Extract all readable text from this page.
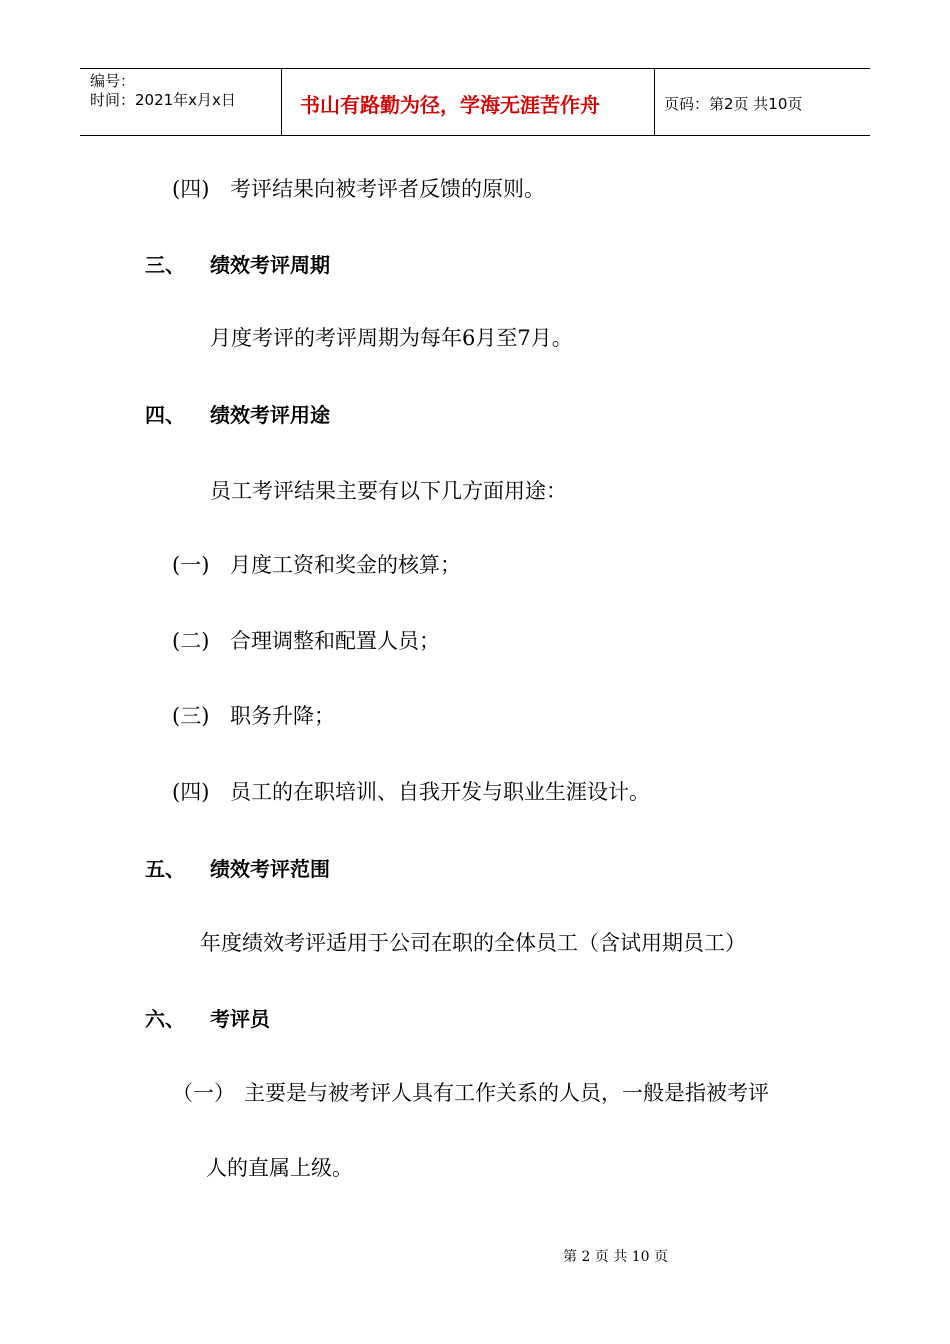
编号：
时间：2021年x月x日	书山有路勤为径，学海无涯苦作舟	页码：第2页 共10页
(四) 考评结果向被考评者反馈的原则。
三、 绩效考评周期
月度考评的考评周期为每年6月至7月。
四、 绩效考评用途
员工考评结果主要有以下几方面用途：
(一) 月度工资和奖金的核算；
(二) 合理调整和配置人员；
(三) 职务升降；
(四) 员工的在职培训、自我开发与职业生涯设计。
五、 绩效考评范围
年度绩效考评适用于公司在职的全体员工（含试用期员工）
六、 考评员
（一） 主要是与被考评人具有工作关系的人员，一般是指被考评
人的直属上级。
第 2 页 共 10 页
